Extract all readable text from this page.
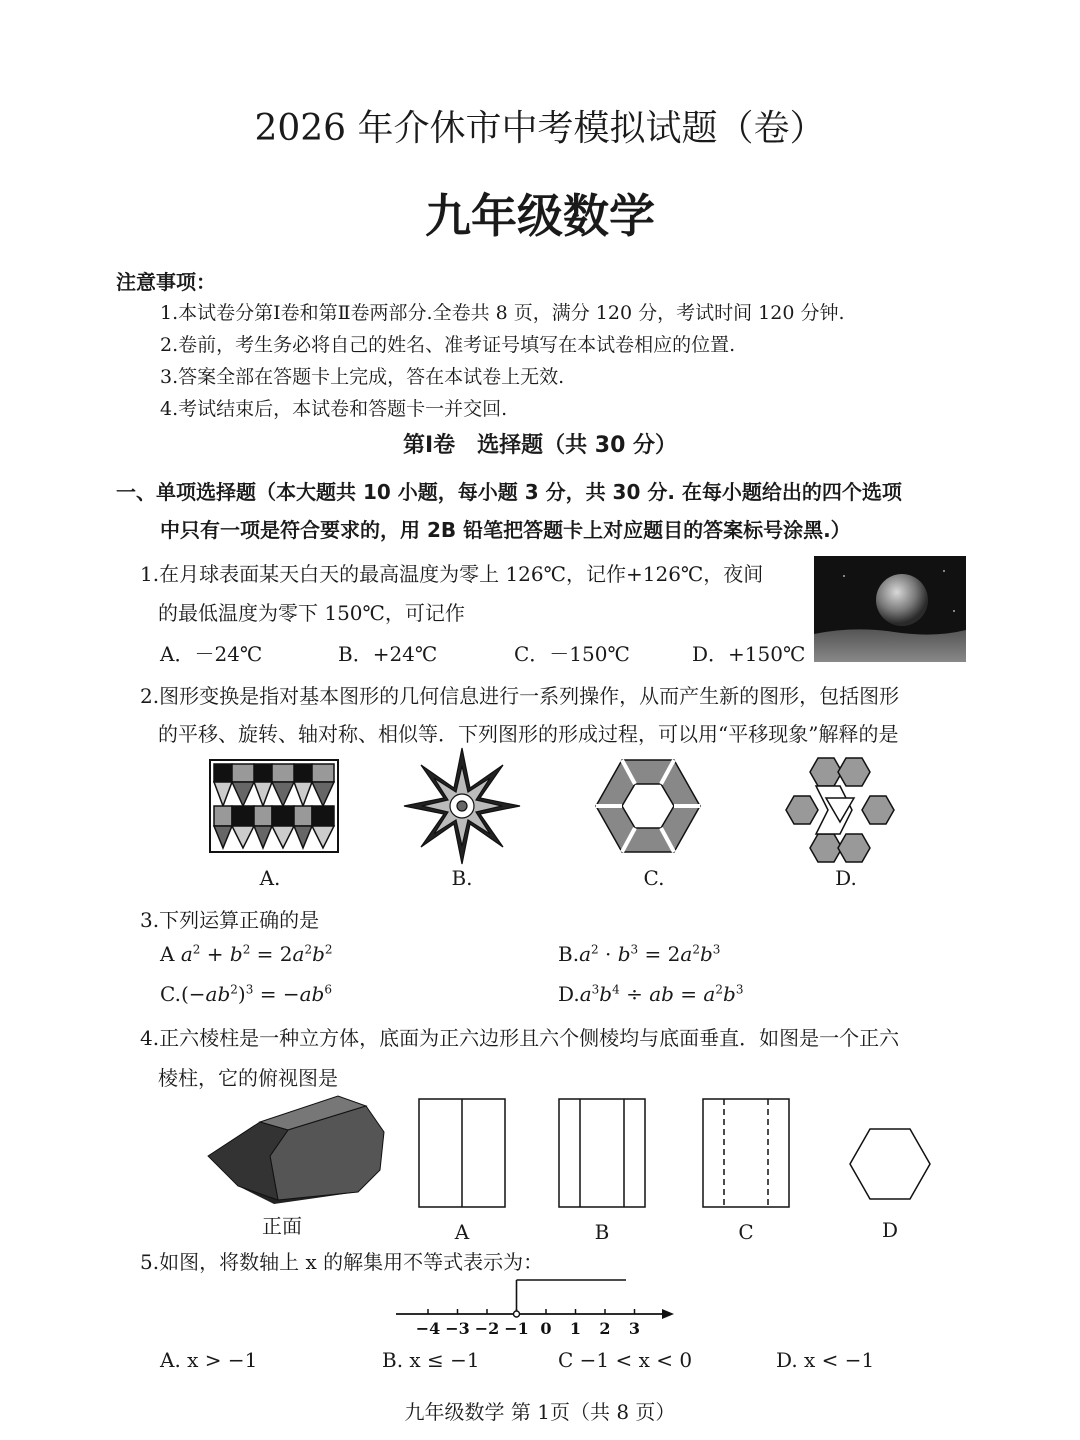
2026 年介休市中考模拟试题（卷）
九年级数学
注意事项：
1.本试卷分第Ⅰ卷和第Ⅱ卷两部分.全卷共 8 页，满分 120 分，考试时间 120 分钟.
2.卷前，考生务必将自己的姓名、准考证号填写在本试卷相应的位置.
3.答案全部在答题卡上完成，答在本试卷上无效.
4.考试结束后，本试卷和答题卡一并交回.
第Ⅰ卷　选择题（共 30 分）
一、单项选择题（本大题共 10 小题，每小题 3 分，共 30 分. 在每小题给出的四个选项
中只有一项是符合要求的，用 2B 铅笔把答题卡上对应题目的答案标号涂黑.）
1.在月球表面某天白天的最高温度为零上 126℃，记作+126℃，夜间
的最低温度为零下 150℃，可记作
A．－24℃	B．+24℃	C．－150℃	D．+150℃
2.图形变换是指对基本图形的几何信息进行一系列操作，从而产生新的图形，包括图形
的平移、旋转、轴对称、相似等．下列图形的形成过程，可以用“平移现象”解释的是
A.	B.	C.	D.
3.下列运算正确的是
A $a^2 + b^2 = 2a^2b^2$	$B.a^2 \cdot b^3 = 2a^2b^3$
$C.(-ab^2)^3 = -ab^6$	$D.a^3b^4$ ÷ ab = $a^2b^3$
4.正六棱柱是一种立方体，底面为正六边形且六个侧棱均与底面垂直．如图是一个正六
棱柱，它的俯视图是
正面	A	B	C	D
5.如图，将数轴上 x 的解集用不等式表示为：
−4 −3 −2 −1 0 1 2 3
A. x > −1	B. x ≤ −1	C −1 < x < 0	D. x < −1
九年级数学 第 1页（共 8 页）
